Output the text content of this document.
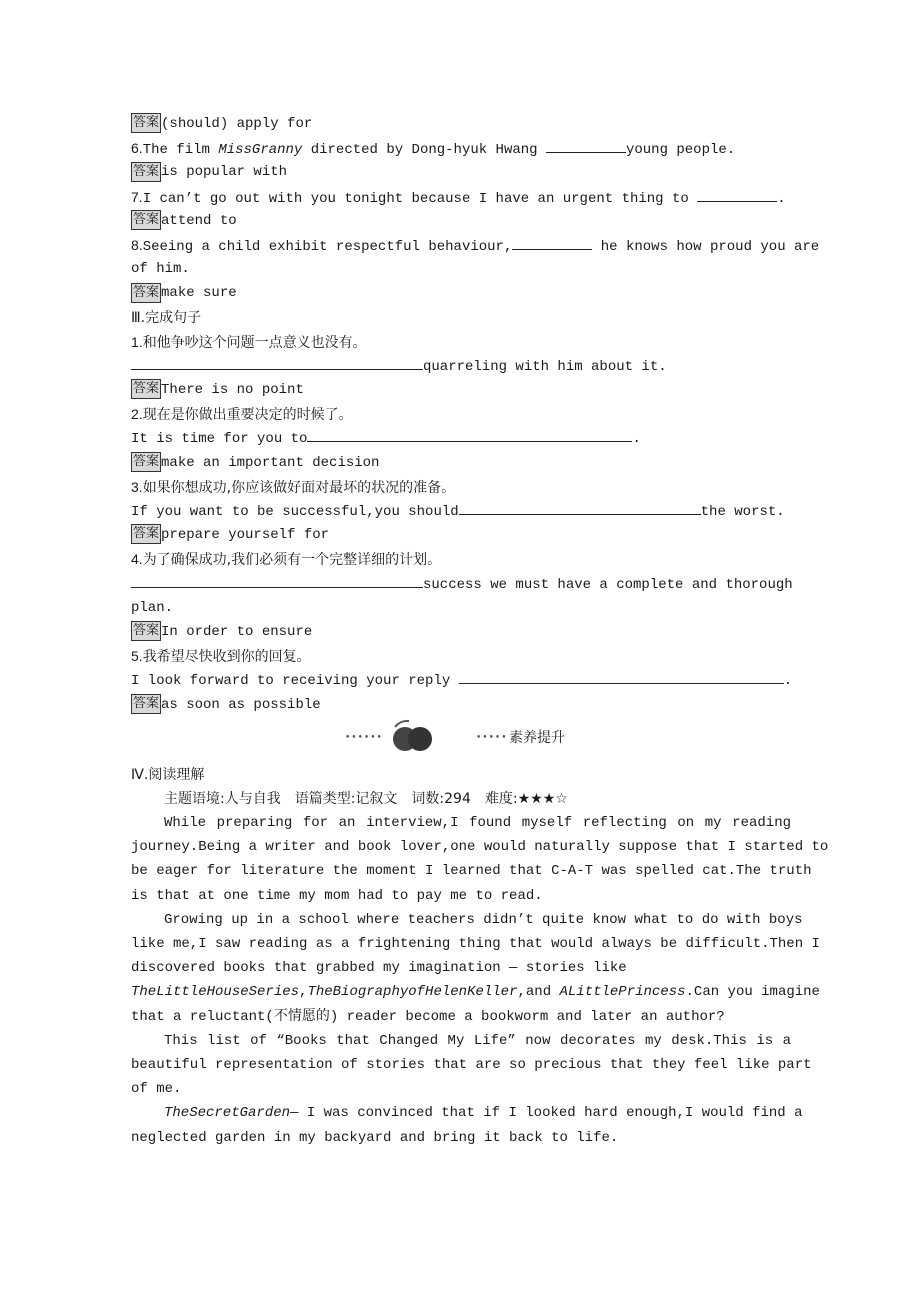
答案 (should) apply for
6.The film MissGranny directed by Dong-hyuk Hwang	young people.
答案 is popular with
7.I can’t go out with you tonight because I have an urgent thing to	.
答案 attend to
8.Seeing a child exhibit respectful behaviour,	he knows how proud you are
of him.
答案 make sure
Ⅲ.完成句子
1.和他争吵这个问题一点意义也没有。
quarreling with him about it.
答案 There is no point
2.现在是你做出重要决定的时候了。
It is time for you to	.
答案 make an important decision
3.如果你想成功,你应该做好面对最坏的状况的准备。
If you want to be successful,you should	the worst.
答案 prepare yourself for
4.为了确保成功,我们必须有一个完整详细的计划。
success we must have a complete and thorough
plan.
答案 In order to ensure
5.我希望尽快收到你的回复。
I look forward to receiving your reply	.
答案 as soon as possible
••••••	••••• 素养提升
Ⅳ.阅读理解
主题语境:人与自我　语篇类型:记叙文　词数:294　难度:★★★☆
While preparing for an interview,I found myself reflecting on my reading
journey.Being a writer and book lover,one would naturally suppose that I started to
be eager for literature the moment I learned that C-A-T was spelled cat.The truth
is that at one time my mom had to pay me to read.
Growing up in a school where teachers didn’t quite know what to do with boys
like me,I saw reading as a frightening thing that would always be difficult.Then I
discovered books that grabbed my imagination — stories like
TheLittleHouseSeries,TheBiographyofHelenKeller,and ALittlePrincess.Can you imagine
that a reluctant(不情愿的) reader become a bookworm and later an author?
This list of “Books that Changed My Life” now decorates my desk.This is a
beautiful representation of stories that are so precious that they feel like part
of me.
TheSecretGarden— I was convinced that if I looked hard enough,I would find a
neglected garden in my backyard and bring it back to life.
